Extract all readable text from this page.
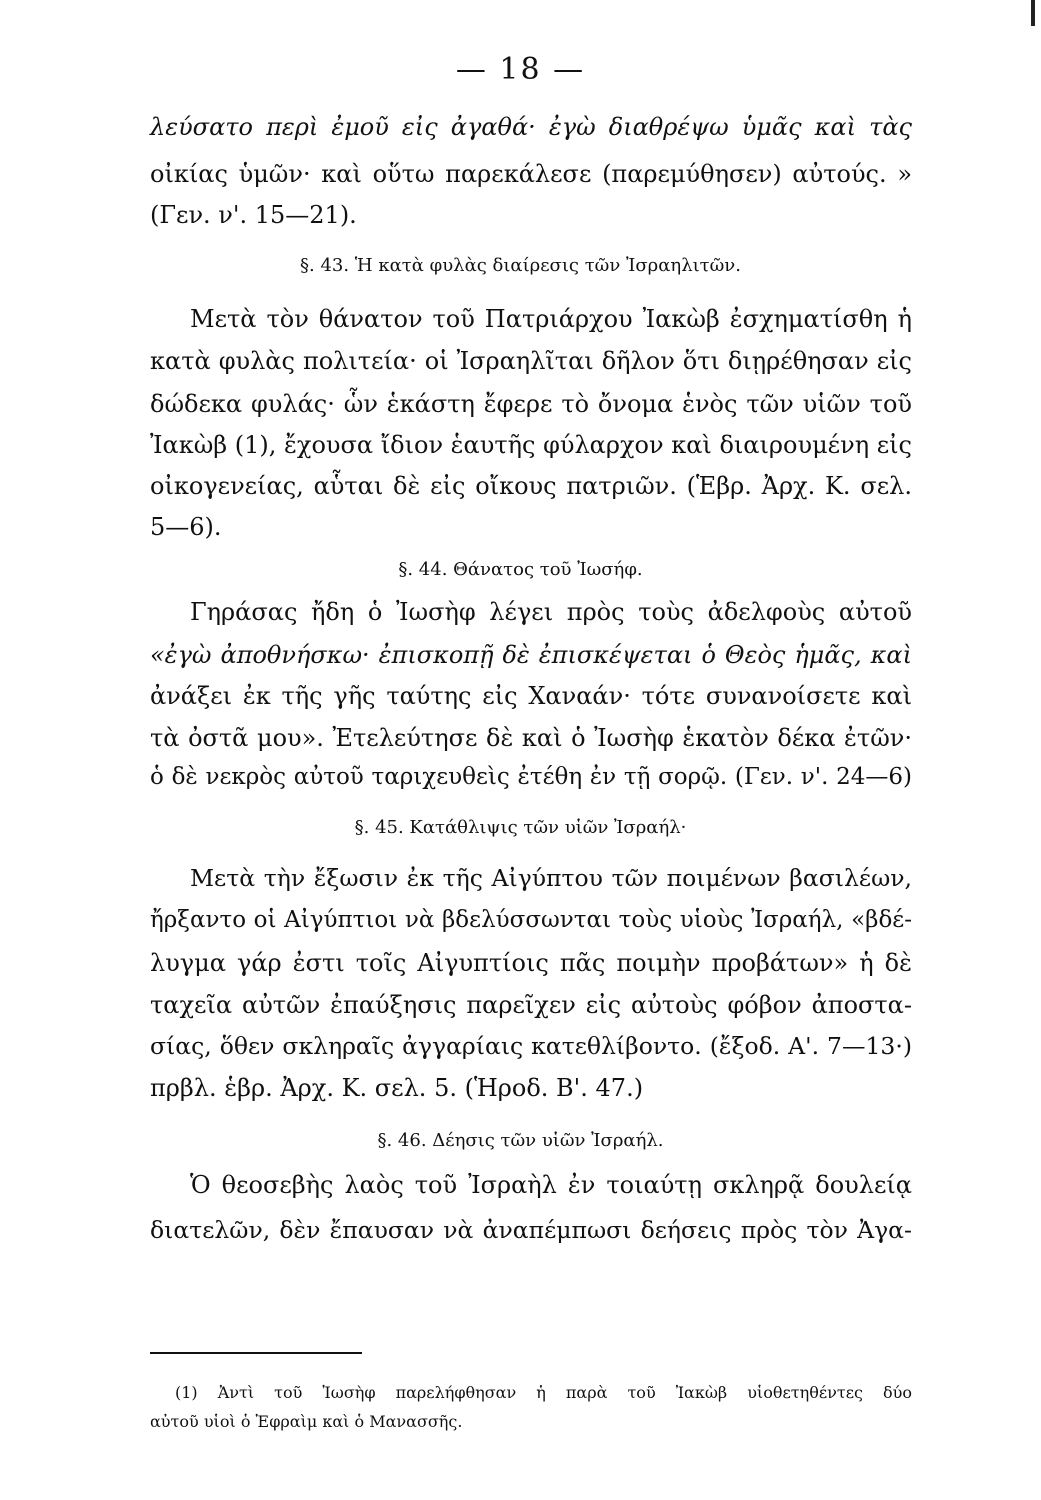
— 18 —
λεύσατο περὶ ἐμοῦ εἰς ἀγαθά· ἐγὼ διαθρέψω ὑμᾶς καὶ τὰς
οἰκίας ὑμῶν· καὶ οὕτω παρεκάλεσε (παρεμύθησεν) αὐτούς. »
(Γεν. ν'. 15—21).
§. 43. Ἡ κατὰ φυλὰς διαίρεσις τῶν Ἰσραηλιτῶν.
Μετὰ τὸν θάνατον τοῦ Πατριάρχου Ἰακὼβ ἐσχηματίσθη ἡ
κατὰ φυλὰς πολιτεία· οἱ Ἰσραηλῖται δῆλον ὅτι διῃρέθησαν εἰς
δώδεκα φυλάς· ὧν ἑκάστη ἔφερε τὸ ὄνομα ἑνὸς τῶν υἱῶν τοῦ
Ἰακὼβ (1), ἔχουσα ἴδιον ἑαυτῆς φύλαρχον καὶ διαιρουμένη εἰς
οἰκογενείας, αὗται δὲ εἰς οἴκους πατριῶν. (Ἑβρ. Ἀρχ. Κ. σελ.
5—6).
§. 44. Θάνατος τοῦ Ἰωσήφ.
Γηράσας ἤδη ὁ Ἰωσὴφ λέγει πρὸς τοὺς ἀδελφοὺς αὐτοῦ
«ἐγὼ ἀποθνήσκω· ἐπισκοπῇ δὲ ἐπισκέψεται ὁ Θεὸς ἡμᾶς, καὶ
ἀνάξει ἐκ τῆς γῆς ταύτης εἰς Χαναάν· τότε συνανοίσετε καὶ
τὰ ὀστᾶ μου». Ἐτελεύτησε δὲ καὶ ὁ Ἰωσὴφ ἑκατὸν δέκα ἐτῶν·
ὁ δὲ νεκρὸς αὐτοῦ ταριχευθεὶς ἐτέθη ἐν τῇ σορῷ. (Γεν. ν'. 24—6)
§. 45. Κατάθλιψις τῶν υἱῶν Ἰσραήλ·
Μετὰ τὴν ἔξωσιν ἐκ τῆς Αἰγύπτου τῶν ποιμένων βασιλέων,
ἤρξαντο οἱ Αἰγύπτιοι νὰ βδελύσσωνται τοὺς υἱοὺς Ἰσραήλ, «βδέ-
λυγμα γάρ ἐστι τοῖς Αἰγυπτίοις πᾶς ποιμὴν προβάτων» ἡ δὲ
ταχεῖα αὐτῶν ἐπαύξησις παρεῖχεν εἰς αὐτοὺς φόβον ἀποστα-
σίας, ὅθεν σκληραῖς ἀγγαρίαις κατεθλίβοντο. (ἔξοδ. Α'. 7—13·)
πρβλ. ἑβρ. Ἀρχ. Κ. σελ. 5. (Ἡροδ. Β'. 47.)
§. 46. Δέησις τῶν υἱῶν Ἰσραήλ.
Ὁ θεοσεβὴς λαὸς τοῦ Ἰσραὴλ ἐν τοιαύτῃ σκληρᾷ δουλείᾳ
διατελῶν, δὲν ἔπαυσαν νὰ ἀναπέμπωσι δεήσεις πρὸς τὸν Ἀγα-
(1) Ἀντὶ τοῦ Ἰωσὴφ παρελήφθησαν ἡ παρὰ τοῦ Ἰακὼβ υἱοθετηθέντες δύο
αὐτοῦ υἱοὶ ὁ Ἐφραὶμ καὶ ὁ Μανασσῆς.
